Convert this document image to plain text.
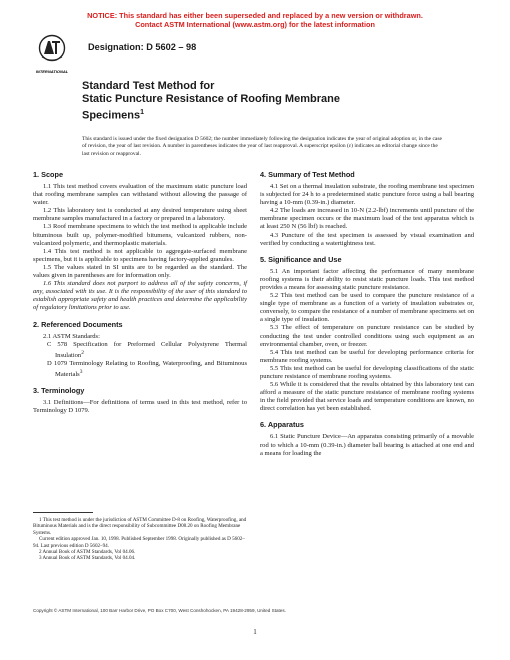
NOTICE: This standard has either been superseded and replaced by a new version or withdrawn.
Contact ASTM International (www.astm.org) for the latest information
INTERNATIONAL
Designation: D 5602 – 98
Standard Test Method for
Static Puncture Resistance of Roofing Membrane
Specimens$^1$
This standard is issued under the fixed designation D 5602; the number immediately following the designation indicates the year of original adoption or, in the case of revision, the year of last revision. A number in parentheses indicates the year of last reapproval. A superscript epsilon (ε) indicates an editorial change since the last revision or reapproval.
1. Scope

1.1 This test method covers evaluation of the maximum static puncture load that roofing membrane samples can withstand without allowing the passage of water.

1.2 This laboratory test is conducted at any desired temperature using sheet membrane samples manufactured in a factory or prepared in a laboratory.

1.3 Roof membrane specimens to which the test method is applicable include bituminous built up, polymer-modified bitumens, vulcanized rubbers, non-vulcanized polymeric, and thermoplastic materials.

1.4 This test method is not applicable to aggregate-surfaced membrane specimens, but it is applicable to specimens having factory-applied granules.

1.5 The values stated in SI units are to be regarded as the standard. The values given in parentheses are for information only.

1.6 This standard does not purport to address all of the safety concerns, if any, associated with its use. It is the responsibility of the user of this standard to establish appropriate safety and health practices and determine the applicability of regulatory limitations prior to use.

2. Referenced Documents

2.1 ASTM Standards:

C 578 Specification for Preformed Cellular Polystyrene Thermal Insulation$^2$

D 1079 Terminology Relating to Roofing, Waterproofing, and Bituminous Materials$^3$

3. Terminology

3.1 Definitions—For definitions of terms used in this test method, refer to Terminology D 1079.

1 This test method is under the jurisdiction of ASTM Committee D-8 on Roofing, Waterproofing, and Bituminous Materials and is the direct responsibility of Subcommittee D08.20 on Roofing Membrane Systems.

Current edition approved Jan. 10, 1998. Published September 1998. Originally published as D 5602–94. Last previous edition D 5602–94.

2 Annual Book of ASTM Standards, Vol 04.06.

3 Annual Book of ASTM Standards, Vol 04.04.

4. Summary of Test Method

4.1 Set on a thermal insulation substrate, the roofing membrane test specimen is subjected for 24 h to a predetermined static puncture force using a ball bearing having a 10-mm (0.39-in.) diameter.

4.2 The loads are increased in 10-N (2.2-lbf) increments until puncture of the membrane specimen occurs or the maximum load of the test apparatus which is at least 250 N (56 lbf) is reached.

4.3 Puncture of the test specimen is assessed by visual examination and verified by conducting a watertightness test.

5. Significance and Use

5.1 An important factor affecting the performance of many membrane roofing systems is their ability to resist static puncture loads. This test method provides a means for assessing static puncture resistance.

5.2 This test method can be used to compare the puncture resistance of a single type of membrane as a function of a variety of insulation substrates or, conversely, to compare the resistance of a number of membrane specimens set on a single type of insulation.

5.3 The effect of temperature on puncture resistance can be studied by conducting the test under controlled conditions using such equipment as an environmental chamber, oven, or freezer.

5.4 This test method can be useful for developing performance criteria for membrane roofing systems.

5.5 This test method can be useful for developing classifications of the static puncture resistance of membrane roofing systems.

5.6 While it is considered that the results obtained by this laboratory test can afford a measure of the static puncture resistance of membrane roofing systems in the field provided that service loads and temperature conditions are known, no direct correlation has yet been established.

6. Apparatus

6.1 Static Puncture Device—An apparatus consisting primarily of a movable rod to which a 10-mm (0.39-in.) diameter ball bearing is attached at one end and a means for loading the

Copyright © ASTM International, 100 Barr Harbor Drive, PO Box C700, West Conshohocken, PA 19428-2959, United States.
1
